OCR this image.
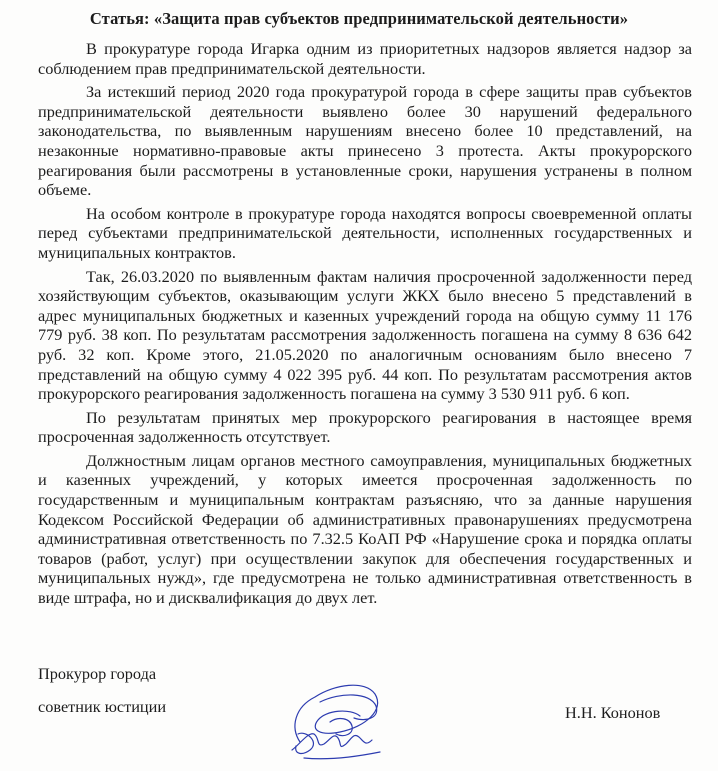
Статья: «Защита прав субъектов предпринимательской деятельности»

В прокуратуре города Игарка одним из приоритетных надзоров является надзор за соблюдением прав предпринимательской деятельности.

За истекший период 2020 года прокуратурой города в сфере защиты прав субъектов предпринимательской деятельности выявлено более 30 нарушений федерального законодательства, по выявленным нарушениям внесено более 10 представлений, на незаконные нормативно-правовые акты принесено 3 протеста. Акты прокурорского реагирования были рассмотрены в установленные сроки, нарушения устранены в полном объеме.

На особом контроле в прокуратуре города находятся вопросы своевременной оплаты перед субъектами предпринимательской деятельности, исполненных государственных и муниципальных контрактов.

Так, 26.03.2020 по выявленным фактам наличия просроченной задолженности перед хозяйствующим субъектов, оказывающим услуги ЖКХ было внесено 5 представлений в адрес муниципальных бюджетных и казенных учреждений города на общую сумму 11 176 779 руб. 38 коп. По результатам рассмотрения задолженность погашена на сумму 8 636 642 руб. 32 коп. Кроме этого, 21.05.2020 по аналогичным основаниям было внесено 7 представлений на общую сумму 4 022 395 руб. 44 коп. По результатам рассмотрения актов прокурорского реагирования задолженность погашена на сумму 3 530 911 руб. 6 коп.

По результатам принятых мер прокурорского реагирования в настоящее время просроченная задолженность отсутствует.

Должностным лицам органов местного самоуправления, муниципальных бюджетных и казенных учреждений, у которых имеется просроченная задолженность по государственным и муниципальным контрактам разъясняю, что за данные нарушения Кодексом Российской Федерации об административных правонарушениях предусмотрена административная ответственность по 7.32.5 КоАП РФ «Нарушение срока и порядка оплаты товаров (работ, услуг) при осуществлении закупок для обеспечения государственных и муниципальных нужд», где предусмотрена не только административная ответственность в виде штрафа, но и дисквалификация до двух лет.

Прокурор города
советник юстиции	Н.Н. Кононов
